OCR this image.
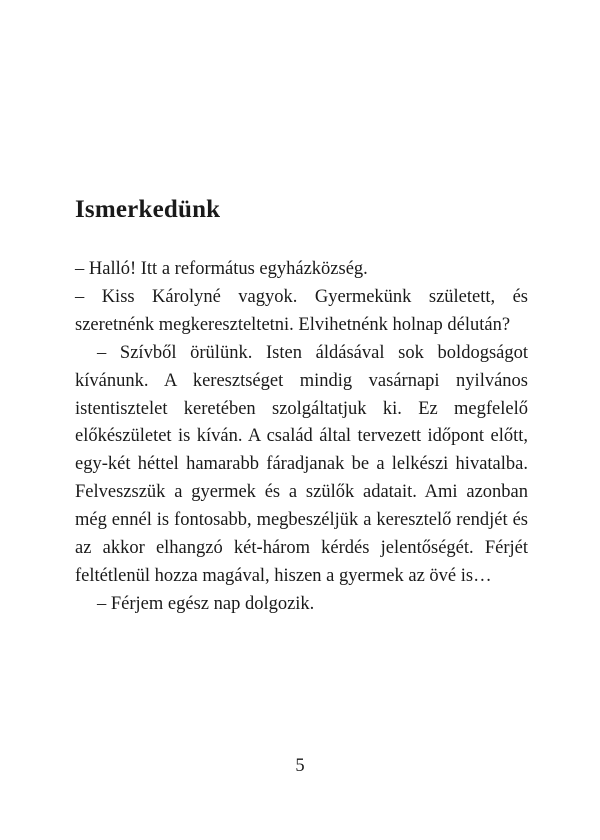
Ismerkedünk

– Halló! Itt a református egyházközség.

– Kiss Károlyné vagyok. Gyermekünk született, és szeretnénk megkereszteltetni. Elvihetnénk holnap délután?

– Szívből örülünk. Isten áldásával sok boldogságot kívánunk. A keresztséget mindig vasárnapi nyilvános istentisztelet keretében szolgáltatjuk ki. Ez megfelelő előkészületet is kíván. A család által tervezett időpont előtt, egy-két héttel hamarabb fáradjanak be a lelkészi hivatalba. Felveszszük a gyermek és a szülők adatait. Ami azonban még ennél is fontosabb, megbeszéljük a keresztelő rendjét és az akkor elhangzó két-három kérdés jelentőségét. Férjét feltétlenül hozza magával, hiszen a gyermek az övé is…

– Férjem egész nap dolgozik.

5
